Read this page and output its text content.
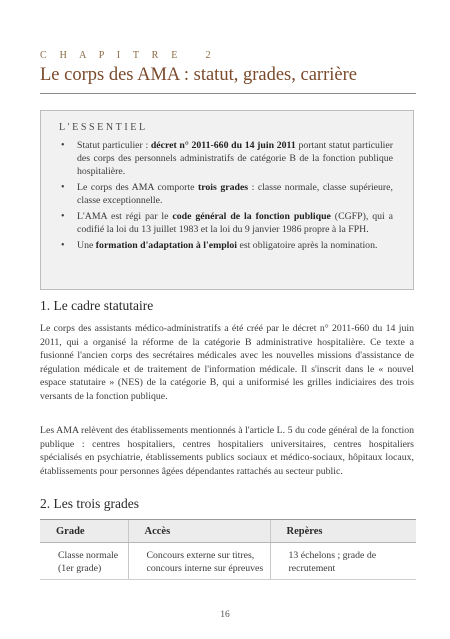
C H A P I T R E   2
Le corps des AMA : statut, grades, carrière
L'ESSENTIEL
• Statut particulier : décret n° 2011-660 du 14 juin 2011 portant statut particulier des corps des personnels administratifs de catégorie B de la fonction publique hospitalière.
• Le corps des AMA comporte trois grades : classe normale, classe supérieure, classe exceptionnelle.
• L'AMA est régi par le code général de la fonction publique (CGFP), qui a codifié la loi du 13 juillet 1983 et la loi du 9 janvier 1986 propre à la FPH.
• Une formation d'adaptation à l'emploi est obligatoire après la nomination.
1. Le cadre statutaire

Le corps des assistants médico-administratifs a été créé par le décret n° 2011-660 du 14 juin 2011, qui a organisé la réforme de la catégorie B administrative hospitalière. Ce texte a fusionné l'ancien corps des secrétaires médicales avec les nouvelles missions d'assistance de régulation médicale et de traitement de l'information médicale. Il s'inscrit dans le « nouvel espace statutaire » (NES) de la catégorie B, qui a uniformisé les grilles indiciaires des trois versants de la fonction publique.

Les AMA relèvent des établissements mentionnés à l'article L. 5 du code général de la fonction publique : centres hospitaliers, centres hospitaliers universitaires, centres hospitaliers spécialisés en psychiatrie, établissements publics sociaux et médico-sociaux, hôpitaux locaux, établissements pour personnes âgées dépendantes rattachés au secteur public.

2. Les trois grades
Grade	Accès	Repères
Classe normale (1er grade)	Concours externe sur titres, concours interne sur épreuves	13 échelons ; grade de recrutement
16
